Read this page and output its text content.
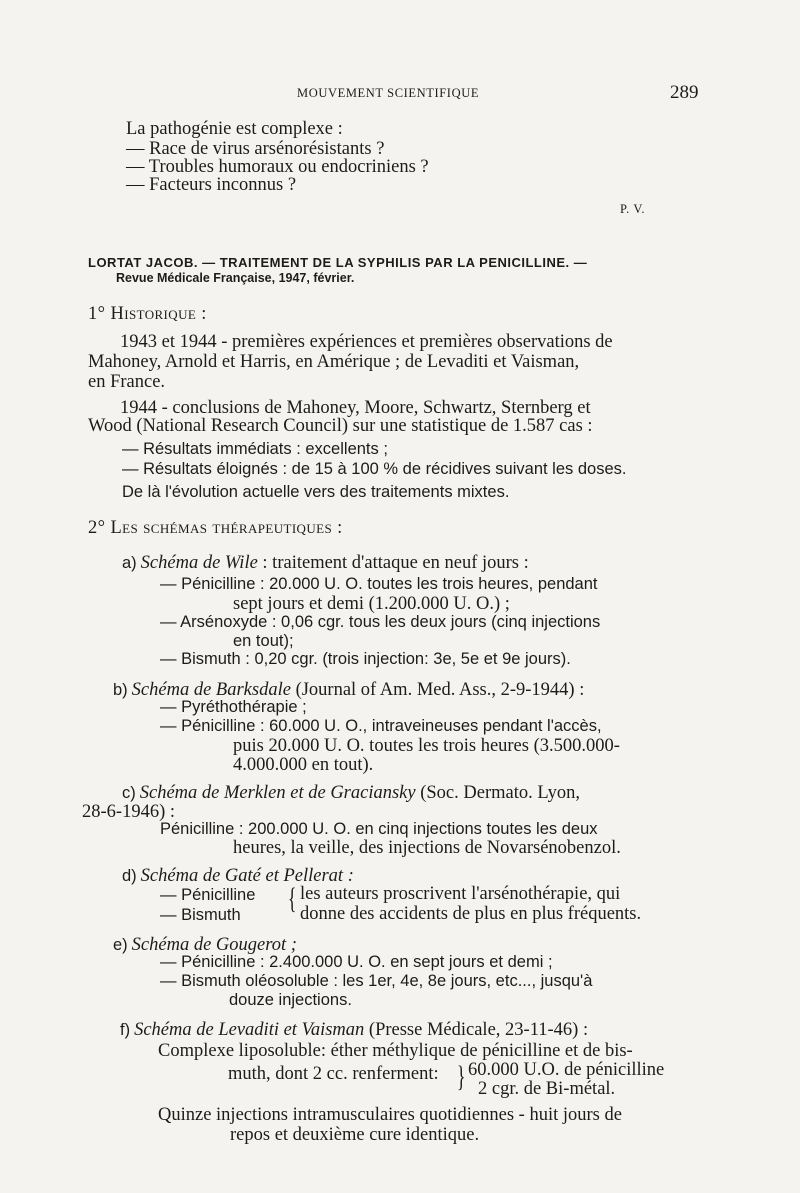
MOUVEMENT SCIENTIFIQUE	289
La pathogénie est complexe :
— Race de virus arsénorésistants ?
— Troubles humoraux ou endocriniens ?
— Facteurs inconnus ?
P. V.
LORTAT JACOB. — TRAITEMENT DE LA SYPHILIS PAR LA PENICILLINE. —
Revue Médicale Française, 1947, février.
1° Historique :
1943 et 1944 - premières expériences et premières observations de
Mahoney, Arnold et Harris, en Amérique ; de Levaditi et Vaisman,
en France.
1944 - conclusions de Mahoney, Moore, Schwartz, Sternberg et
Wood (National Research Council) sur une statistique de 1.587 cas :
— Résultats immédiats : excellents ;
— Résultats éloignés : de 15 à 100 % de récidives suivant les doses.
De là l'évolution actuelle vers des traitements mixtes.
2° Les schémas thérapeutiques :
a) Schéma de Wile : traitement d'attaque en neuf jours :
— Pénicilline : 20.000 U. O. toutes les trois heures, pendant
sept jours et demi (1.200.000 U. O.) ;
— Arsénoxyde : 0,06 cgr. tous les deux jours (cinq injections
en tout);
— Bismuth : 0,20 cgr. (trois injection: 3e, 5e et 9e jours).
b) Schéma de Barksdale (Journal of Am. Med. Ass., 2-9-1944) :
— Pyréthothérapie ;
— Pénicilline : 60.000 U. O., intraveineuses pendant l'accès,
puis 20.000 U. O. toutes les trois heures (3.500.000-
4.000.000 en tout).
c) Schéma de Merklen et de Graciansky (Soc. Dermato. Lyon,
28-6-1946) :
Pénicilline : 200.000 U. O. en cinq injections toutes les deux
heures, la veille, des injections de Novarsénobenzol.
d) Schéma de Gaté et Pellerat :
— Pénicilline
— Bismuth { les auteurs proscrivent l'arsénothérapie, qui
donne des accidents de plus en plus fréquents.
e) Schéma de Gougerot ;
— Pénicilline : 2.400.000 U. O. en sept jours et demi ;
— Bismuth oléosoluble : les 1er, 4e, 8e jours, etc..., jusqu'à
douze injections.
f) Schéma de Levaditi et Vaisman (Presse Médicale, 23-11-46) :
Complexe liposoluble: éther méthylique de pénicilline et de bis-
muth, dont 2 cc. renferment: { 60.000 U.O. de pénicilline
2 cgr. de Bi-métal.
Quinze injections intramusculaires quotidiennes - huit jours de
repos et deuxième cure identique.
